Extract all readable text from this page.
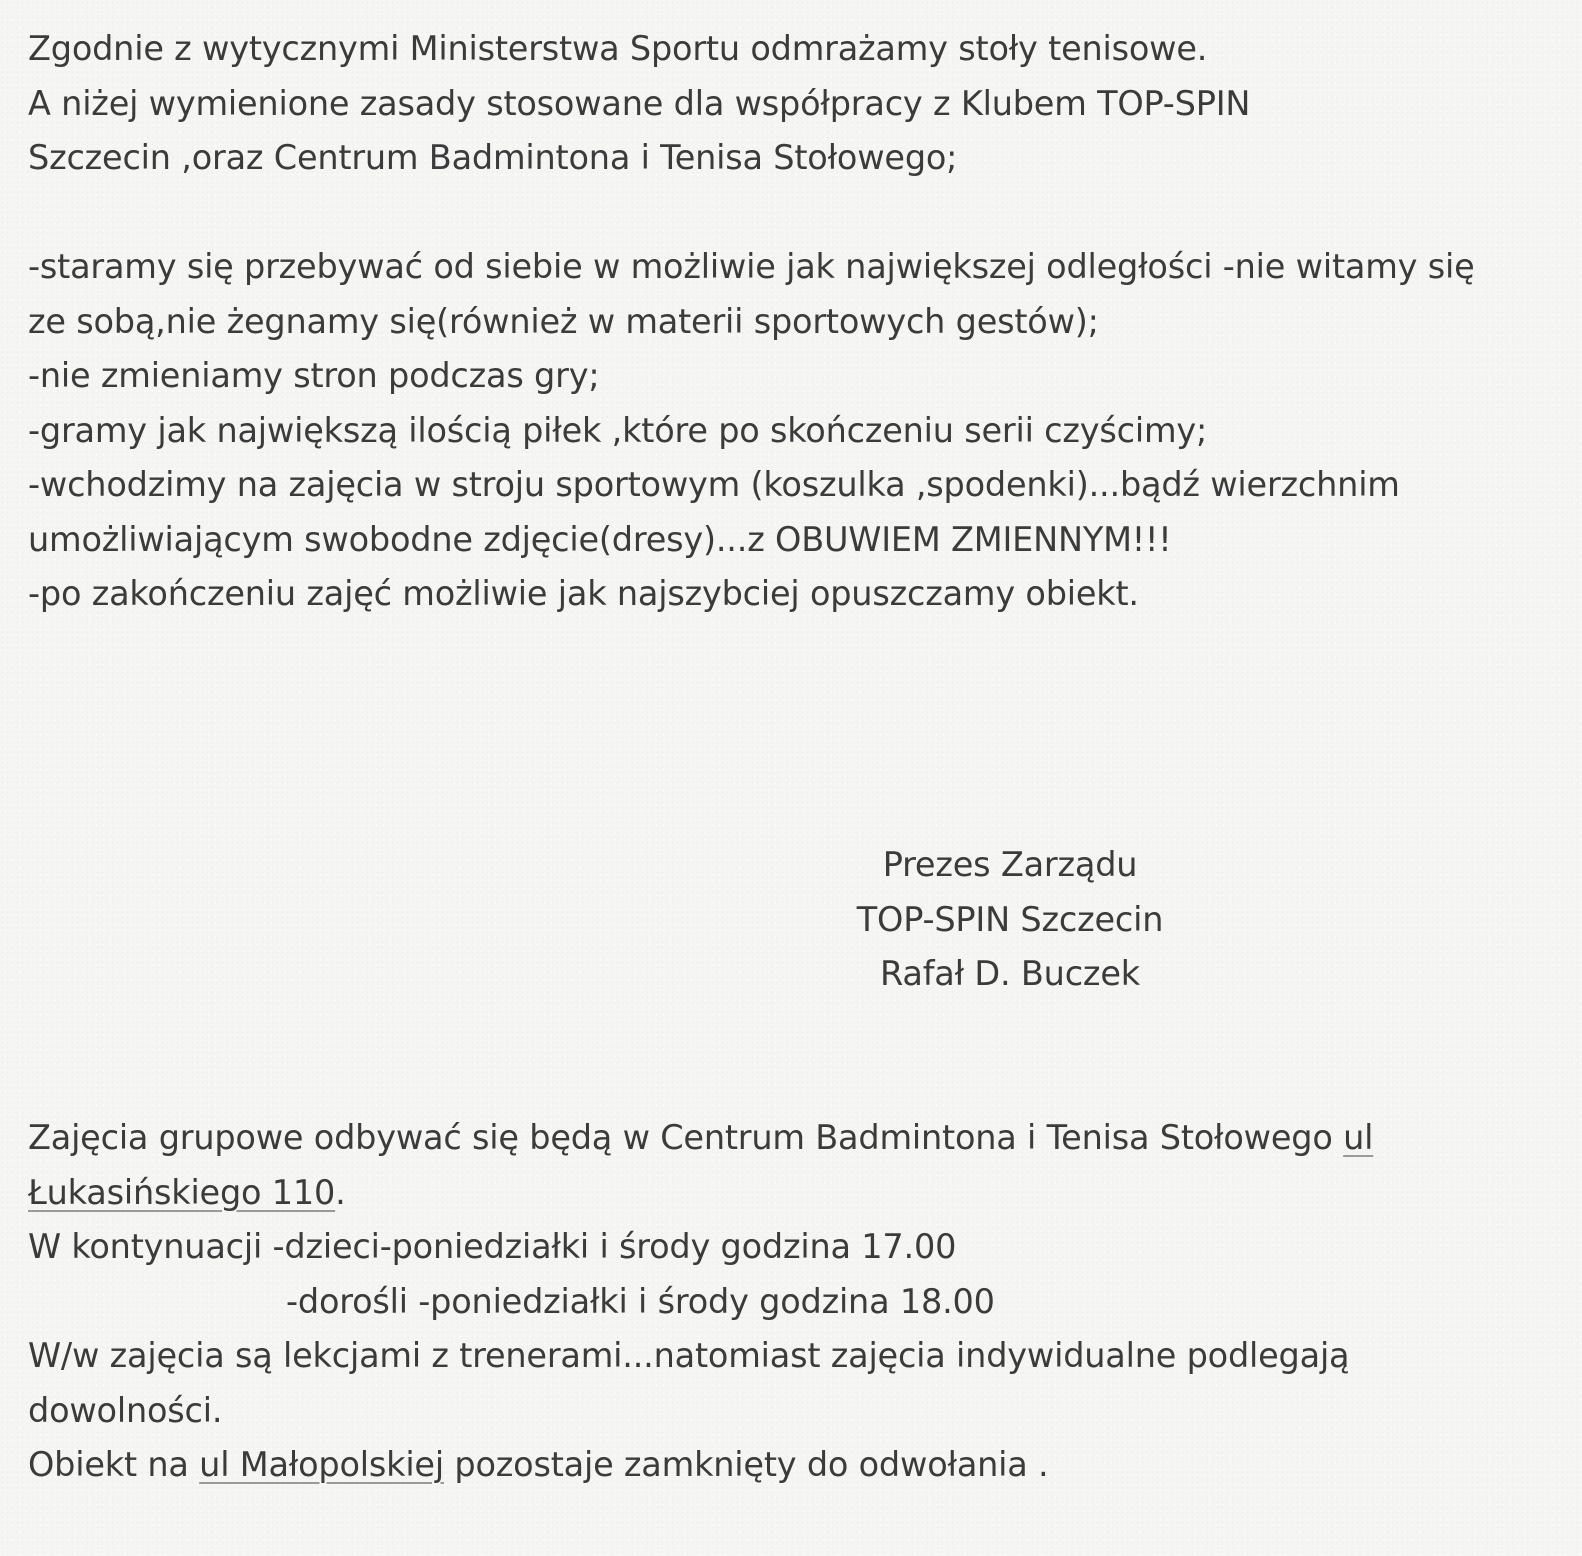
Zgodnie z wytycznymi Ministerstwa Sportu odmrażamy stoły tenisowe.
A niżej wymienione zasady stosowane dla współpracy z Klubem TOP-SPIN
Szczecin ,oraz Centrum Badmintona i Tenisa Stołowego;
-staramy się przebywać od siebie w możliwie jak największej odległości -nie witamy się
ze sobą,nie żegnamy się(również w materii sportowych gestów);
-nie zmieniamy stron podczas gry;
-gramy jak największą ilością piłek ,które po skończeniu serii czyścimy;
-wchodzimy na zajęcia w stroju sportowym (koszulka ,spodenki)...bądź wierzchnim
umożliwiającym swobodne zdjęcie(dresy)...z OBUWIEM ZMIENNYM!!!
-po zakończeniu zajęć możliwie jak najszybciej opuszczamy obiekt.
Prezes Zarządu
TOP-SPIN Szczecin
Rafał D. Buczek
Zajęcia grupowe odbywać się będą w Centrum Badmintona i Tenisa Stołowego ul
Łukasińskiego 110.
W kontynuacji -dzieci-poniedziałki i środy godzina 17.00
-dorośli -poniedziałki i środy godzina 18.00
W/w zajęcia są lekcjami z trenerami...natomiast zajęcia indywidualne podlegają
dowolności.
Obiekt na ul Małopolskiej pozostaje zamknięty do odwołania .
